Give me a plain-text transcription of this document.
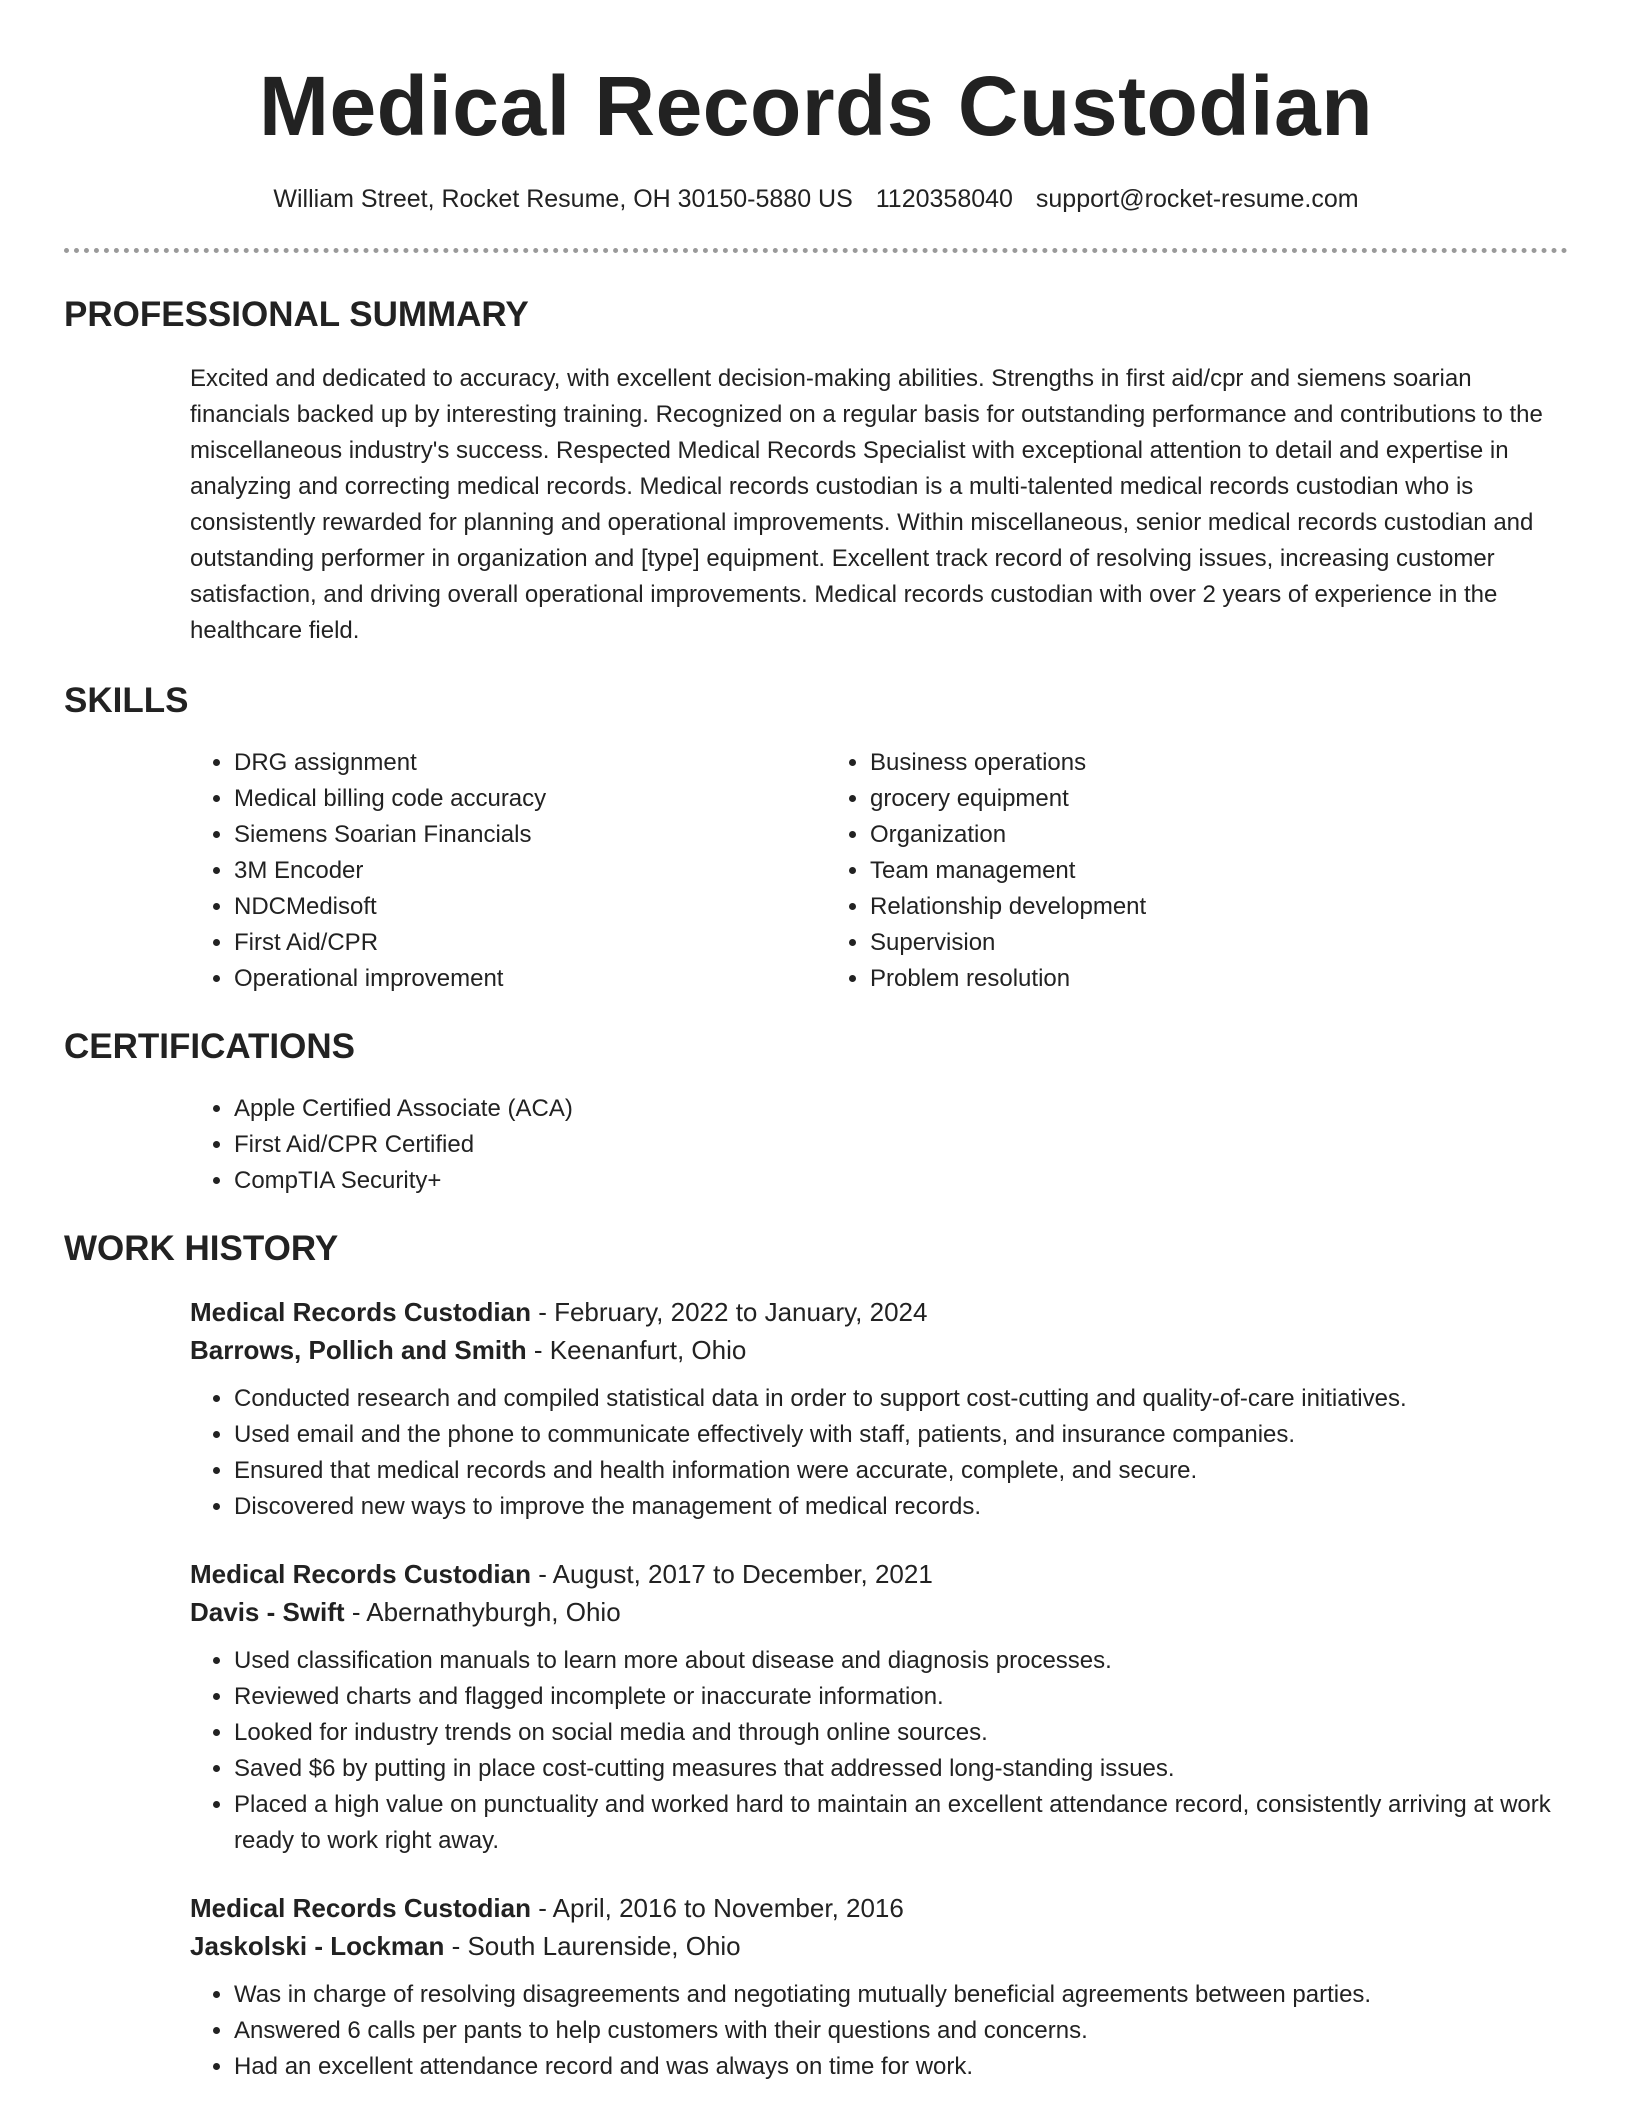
Medical Records Custodian
William Street, Rocket Resume, OH 30150-5880 US 1120358040 support@rocket-resume.com
PROFESSIONAL SUMMARY

Excited and dedicated to accuracy, with excellent decision-making abilities. Strengths in first aid/cpr and siemens soarian financials backed up by interesting training. Recognized on a regular basis for outstanding performance and contributions to the miscellaneous industry's success. Respected Medical Records Specialist with exceptional attention to detail and expertise in analyzing and correcting medical records. Medical records custodian is a multi-talented medical records custodian who is consistently rewarded for planning and operational improvements. Within miscellaneous, senior medical records custodian and outstanding performer in organization and [type] equipment. Excellent track record of resolving issues, increasing customer satisfaction, and driving overall operational improvements. Medical records custodian with over 2 years of experience in the healthcare field.

SKILLS
• DRG assignment
• Medical billing code accuracy
• Siemens Soarian Financials
• 3M Encoder
• NDCMedisoft
• First Aid/CPR
• Operational improvement
• Business operations
• grocery equipment
• Organization
• Team management
• Relationship development
• Supervision
• Problem resolution
CERTIFICATIONS
• Apple Certified Associate (ACA)
• First Aid/CPR Certified
• CompTIA Security+
WORK HISTORY
Medical Records Custodian - February, 2022 to January, 2024
Barrows, Pollich and Smith - Keenanfurt, Ohio
• Conducted research and compiled statistical data in order to support cost-cutting and quality-of-care initiatives.
• Used email and the phone to communicate effectively with staff, patients, and insurance companies.
• Ensured that medical records and health information were accurate, complete, and secure.
• Discovered new ways to improve the management of medical records.
Medical Records Custodian - August, 2017 to December, 2021
Davis - Swift - Abernathyburgh, Ohio
• Used classification manuals to learn more about disease and diagnosis processes.
• Reviewed charts and flagged incomplete or inaccurate information.
• Looked for industry trends on social media and through online sources.
• Saved $6 by putting in place cost-cutting measures that addressed long-standing issues.
• Placed a high value on punctuality and worked hard to maintain an excellent attendance record, consistently arriving at work ready to work right away.
Medical Records Custodian - April, 2016 to November, 2016
Jaskolski - Lockman - South Laurenside, Ohio
• Was in charge of resolving disagreements and negotiating mutually beneficial agreements between parties.
• Answered 6 calls per pants to help customers with their questions and concerns.
• Had an excellent attendance record and was always on time for work.
